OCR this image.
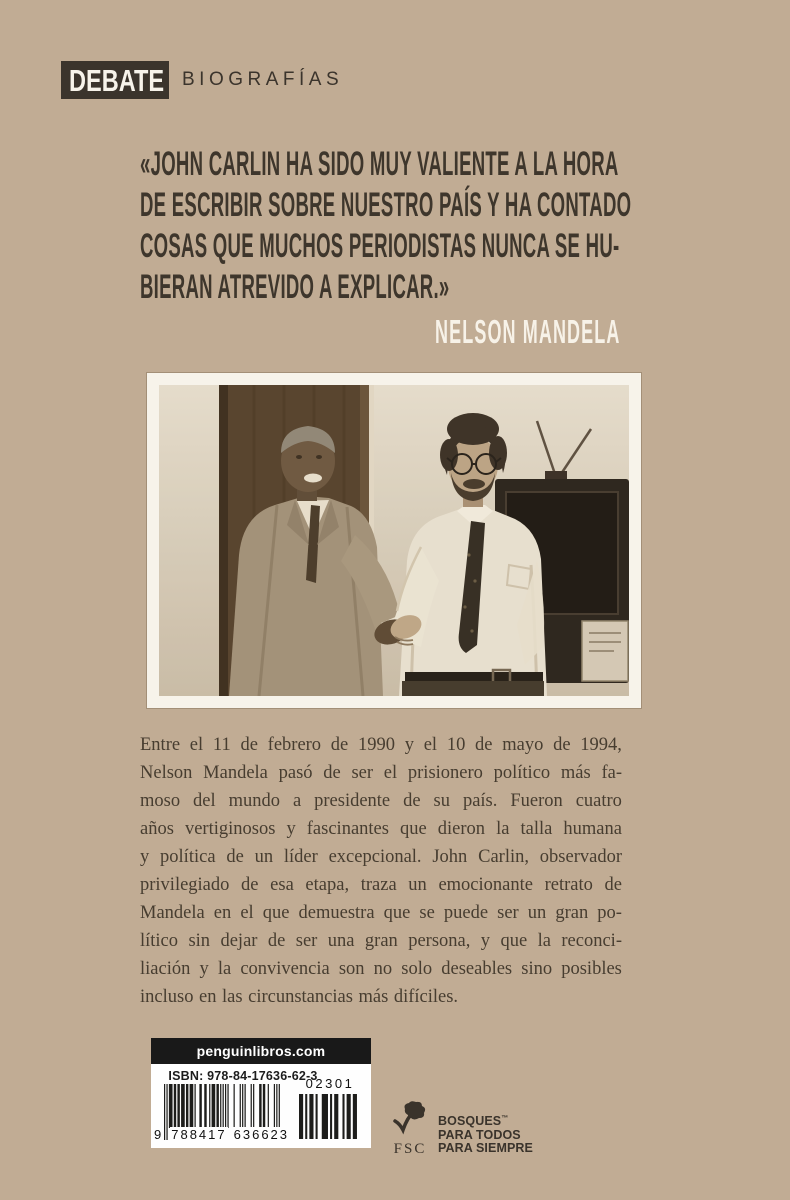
DEBATE BIOGRAFÍAS
«JOHN CARLIN HA SIDO MUY VALIENTE A LA HORA
DE ESCRIBIR SOBRE NUESTRO PAÍS Y HA CONTADO
COSAS QUE MUCHOS PERIODISTAS NUNCA SE HU-
BIERAN ATREVIDO A EXPLICAR.»
NELSON MANDELA
Entre el 11 de febrero de 1990 y el 10 de mayo de 1994,
Nelson Mandela pasó de ser el prisionero político más fa-
moso del mundo a presidente de su país. Fueron cuatro
años vertiginosos y fascinantes que dieron la talla humana
y política de un líder excepcional. John Carlin, observador
privilegiado de esa etapa, traza un emocionante retrato de
Mandela en el que demuestra que se puede ser un gran po-
lítico sin dejar de ser una gran persona, y que la reconci-
liación y la convivencia son no solo deseables sino posibles
incluso en las circunstancias más difíciles.
penguinlibros.com
ISBN: 978-84-17636-62-3
9 788417 636623
02301
FSC
BOSQUES™
PARA TODOS
PARA SIEMPRE
